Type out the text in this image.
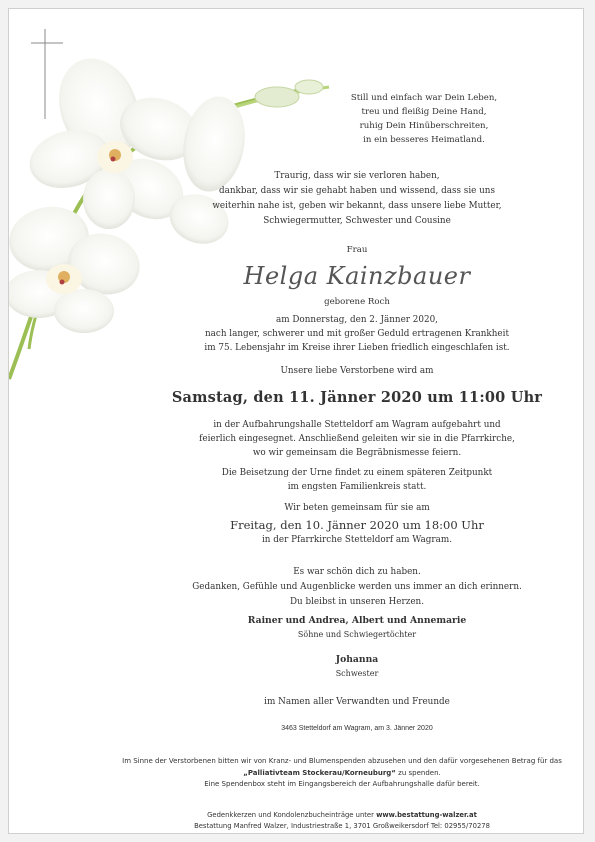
Still und einfach war Dein Leben,
treu und fleißig Deine Hand,
ruhig Dein Hinüberschreiten,
in ein besseres Heimatland.
Traurig, dass wir sie verloren haben,
dankbar, dass wir sie gehabt haben und wissend, dass sie uns
weiterhin nahe ist, geben wir bekannt, dass unsere liebe Mutter,
Schwiegermutter, Schwester und Cousine
Frau
Helga Kainzbauer
geborene Roch
am Donnerstag, den 2. Jänner 2020,
nach langer, schwerer und mit großer Geduld ertragenen Krankheit
im 75. Lebensjahr im Kreise ihrer Lieben friedlich eingeschlafen ist.
Unsere liebe Verstorbene wird am
Samstag, den 11. Jänner 2020 um 11:00 Uhr
in der Aufbahrungshalle Stetteldorf am Wagram aufgebahrt und
feierlich eingesegnet. Anschließend geleiten wir sie in die Pfarrkirche,
wo wir gemeinsam die Begräbnismesse feiern.
Die Beisetzung der Urne findet zu einem späteren Zeitpunkt
im engsten Familienkreis statt.
Wir beten gemeinsam für sie am
Freitag, den 10. Jänner 2020 um 18:00 Uhr
in der Pfarrkirche Stetteldorf am Wagram.
Es war schön dich zu haben.
Gedanken, Gefühle und Augenblicke werden uns immer an dich erinnern.
Du bleibst in unseren Herzen.
Rainer und Andrea, Albert und Annemarie
Söhne und Schwiegertöchter
Johanna
Schwester
im Namen aller Verwandten und Freunde
3463 Stetteldorf am Wagram, am 3. Jänner 2020
Im Sinne der Verstorbenen bitten wir von Kranz- und Blumenspenden abzusehen und den dafür vorgesehenen Betrag für das „Palliativteam Stockerau/Korneuburg“ zu spenden.
Eine Spendenbox steht im Eingangsbereich der Aufbahrungshalle dafür bereit.
Gedenkkerzen und Kondolenzbucheinträge unter www.bestattung-walzer.at
Bestattung Manfred Walzer, Industriestraße 1, 3701 Großweikersdorf Tel: 02955/70278
